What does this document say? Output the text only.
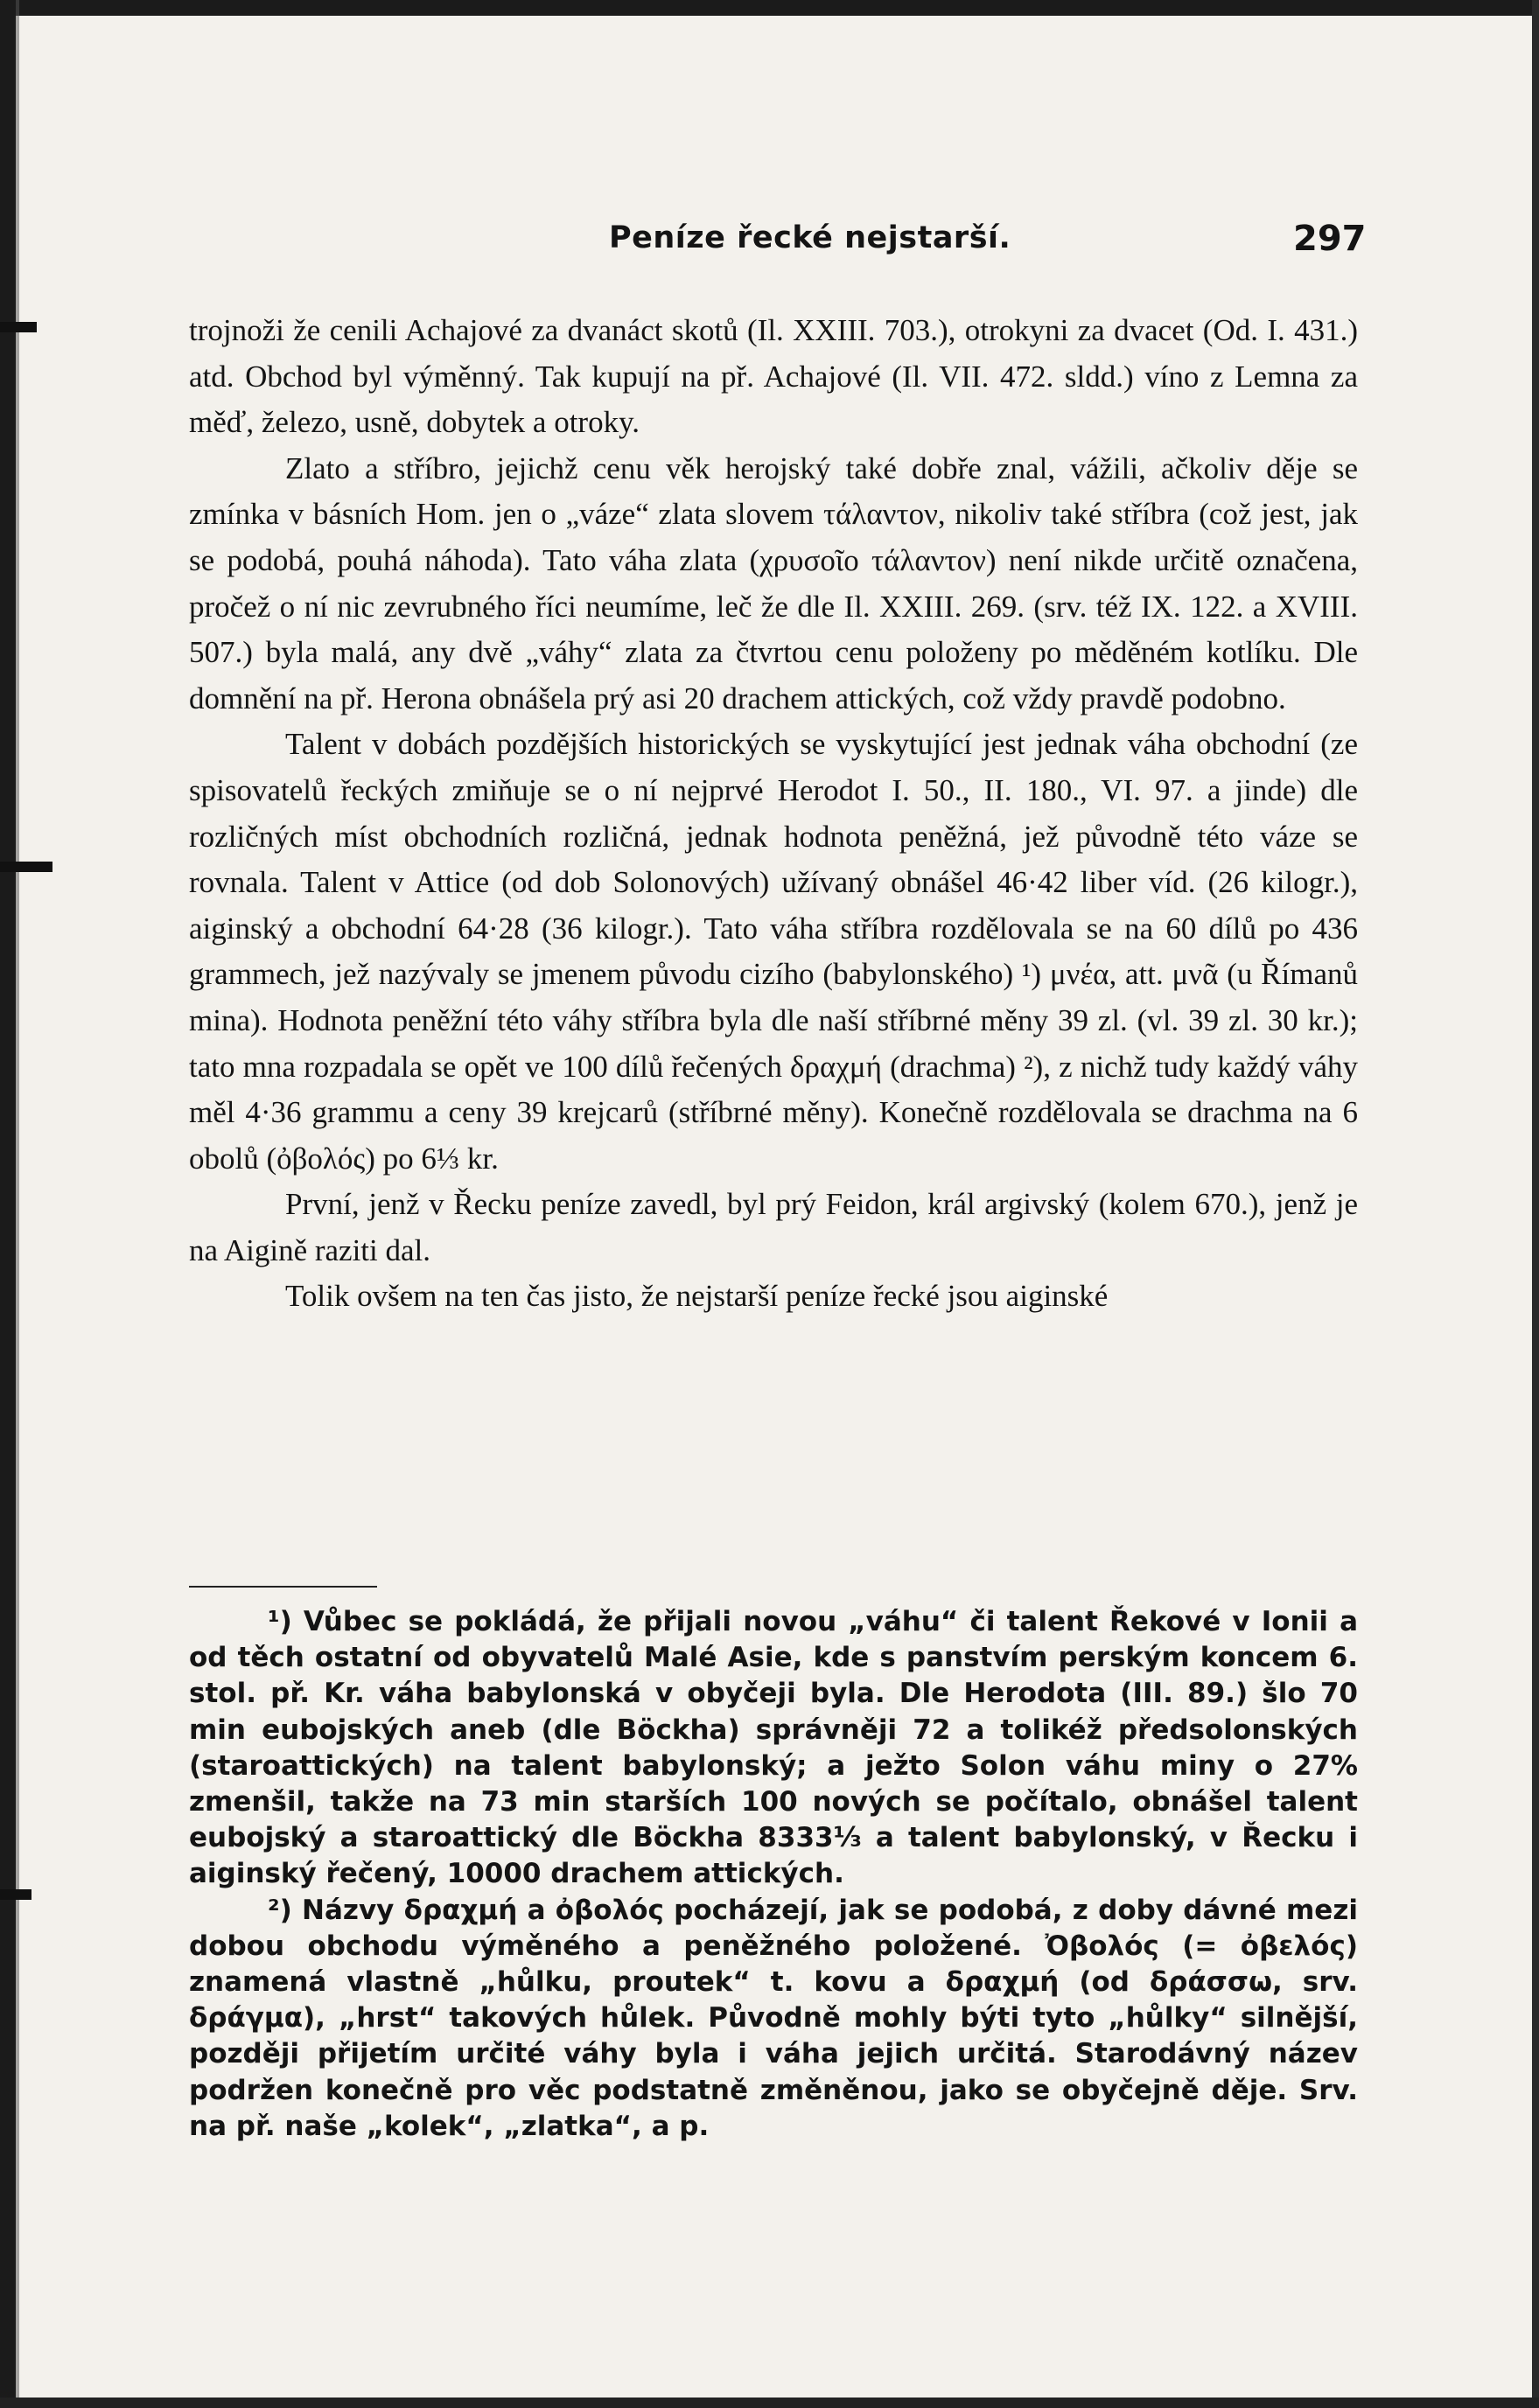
Peníze řecké nejstarší.	297

trojnoži že cenili Achajové za dvanáct skotů (Il. XXIII. 703.), otrokyni za dvacet (Od. I. 431.) atd. Obchod byl výměnný. Tak kupují na př. Achajové (Il. VII. 472. sldd.) víno z Lemna za měď, železo, usně, dobytek a otroky.

Zlato a stříbro, jejichž cenu věk herojský také dobře znal, vážili, ačkoliv děje se zmínka v básních Hom. jen o „váze“ zlata slovem τάλαντον, nikoliv také stříbra (což jest, jak se podobá, pouhá náhoda). Tato váha zlata (χρυσοῖο τάλαντον) není nikde určitě označena, pročež o ní nic zevrubného říci neumíme, leč že dle Il. XXIII. 269. (srv. též IX. 122. a XVIII. 507.) byla malá, any dvě „váhy“ zlata za čtvrtou cenu položeny po měděném kotlíku. Dle domnění na př. Herona obnášela prý asi 20 drachem attických, což vždy pravdě podobno.

Talent v dobách pozdějších historických se vyskytující jest jednak váha obchodní (ze spisovatelů řeckých zmiňuje se o ní nejprvé Herodot I. 50., II. 180., VI. 97. a jinde) dle rozličných míst obchodních rozličná, jednak hodnota peněžná, jež původně této váze se rovnala. Talent v Attice (od dob Solonových) užívaný obnášel 46·42 liber víd. (26 kilogr.), aiginský a obchodní 64·28 (36 kilogr.). Tato váha stříbra rozdělovala se na 60 dílů po 436 grammech, jež nazývaly se jmenem původu cizího (babylonského) ¹) μνέα, att. μνᾶ (u Římanů mina). Hodnota peněžní této váhy stříbra byla dle naší stříbrné měny 39 zl. (vl. 39 zl. 30 kr.); tato mna rozpadala se opět ve 100 dílů řečených δραχμή (drachma) ²), z nichž tudy každý váhy měl 4·36 grammu a ceny 39 krejcarů (stříbrné měny). Konečně rozdělovala se drachma na 6 obolů (ὀβολός) po 6⅓ kr.

První, jenž v Řecku peníze zavedl, byl prý Feidon, král argivský (kolem 670.), jenž je na Aigině raziti dal.

Tolik ovšem na ten čas jisto, že nejstarší peníze řecké jsou aiginské

¹) Vůbec se pokládá, že přijali novou „váhu“ či talent Řekové v Ionii a od těch ostatní od obyvatelů Malé Asie, kde s panstvím perským koncem 6. stol. př. Kr. váha babylonská v obyčeji byla. Dle Herodota (III. 89.) šlo 70 min eubojských aneb (dle Böckha) správněji 72 a tolikéž předsolonských (staroattických) na talent babylonský; a ježto Solon váhu miny o 27% zmenšil, takže na 73 min starších 100 nových se počítalo, obnášel talent eubojský a staroattický dle Böckha 8333⅓ a talent babylonský, v Řecku i aiginský řečený, 10000 drachem attických.

²) Názvy δραχμή a ὀβολός pocházejí, jak se podobá, z doby dávné mezi dobou obchodu výměného a peněžného položené. Ὀβολός (= ὀβελός) znamená vlastně „hůlku, proutek“ t. kovu a δραχμή (od δράσσω, srv. δράγμα), „hrst“ takových hůlek. Původně mohly býti tyto „hůlky“ silnější, později přijetím určité váhy byla i váha jejich určitá. Starodávný název podržen konečně pro věc podstatně změněnou, jako se obyčejně děje. Srv. na př. naše „kolek“, „zlatka“, a p.
